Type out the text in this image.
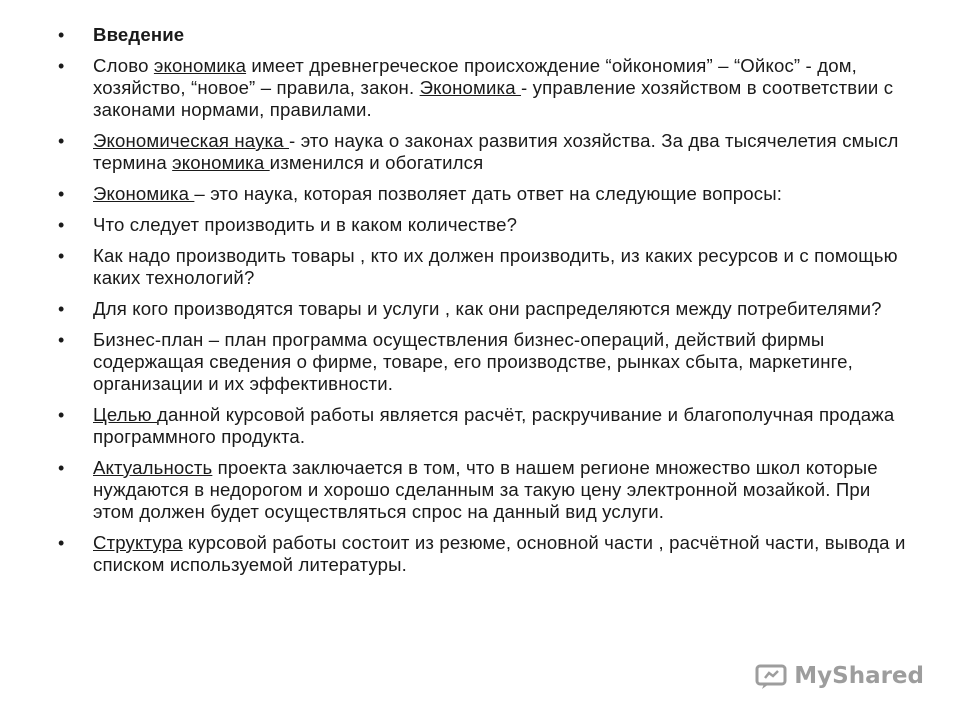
• Введение
• Слово экономика имеет древнегреческое происхождение “ойкономия” – “Ойкос” - дом, хозяйство, “новое” – правила, закон. Экономика - управление хозяйством в соответствии с законами нормами, правилами.
• Экономическая наука - это наука о законах развития хозяйства. За два тысячелетия смысл термина экономика изменился и обогатился
• Экономика – это наука, которая позволяет дать ответ на следующие вопросы:
• Что следует производить и в каком количестве?
• Как надо производить товары , кто их должен производить, из каких ресурсов и с помощью каких технологий?
• Для кого производятся товары и услуги , как они распределяются между потребителями?
• Бизнес-план – план программа осуществления бизнес-операций, действий фирмы содержащая сведения о фирме, товаре, его производстве, рынках сбыта, маркетинге, организации и их эффективности.
• Целью данной курсовой работы является расчёт, раскручивание и благополучная продажа программного продукта.
• Актуальность проекта заключается в том, что в нашем регионе множество школ которые нуждаются в недорогом и хорошо сделанным за такую цену электронной мозайкой. При этом должен будет осуществляться спрос на данный вид услуги.
• Структура курсовой работы состоит из резюме, основной части , расчётной части, вывода и списком используемой литературы.
MyShared
